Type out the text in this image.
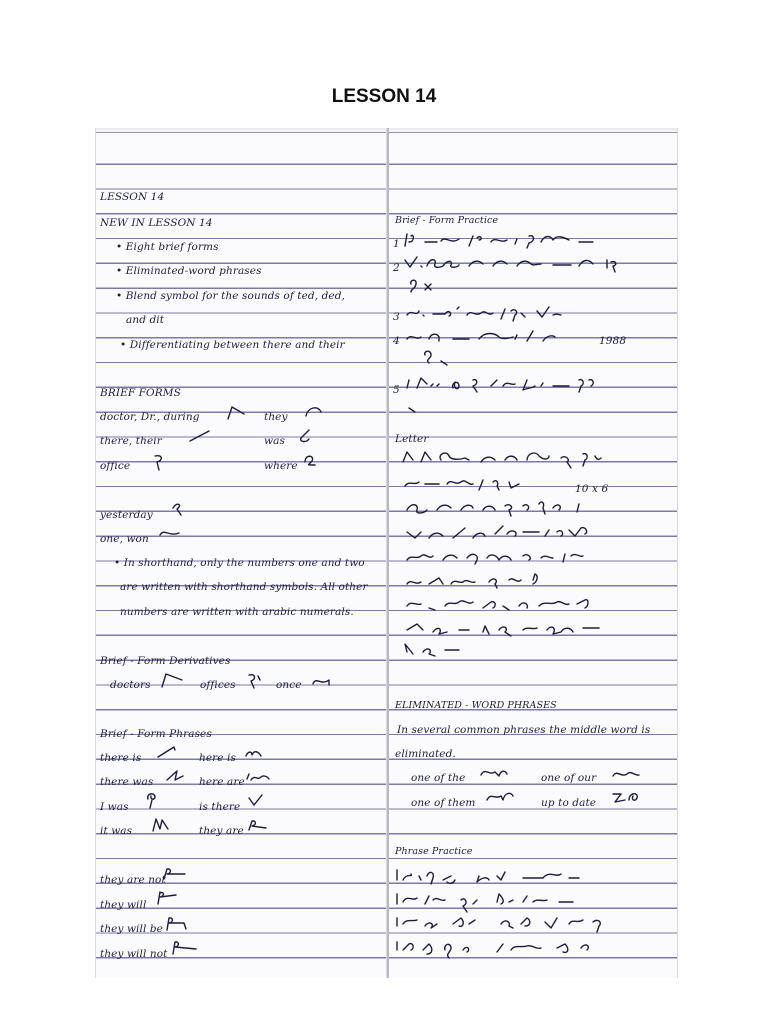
LESSON 14
LESSON 14
NEW IN LESSON 14
• Eight brief forms
• Eliminated-word phrases
• Blend symbol for the sounds of ted, ded,
and dit
• Differentiating between there and their
BRIEF FORMS
doctor, Dr., during	they
there, their	was
office	where
yesterday
one, won
• In shorthand, only the numbers one and two
are written with shorthand symbols. All other
numbers are written with arabic numerals.
Brief - Form Derivatives
doctors	offices	once
Brief - Form Phrases
there is	here is
there was	here are
I was	is there
it was	they are
they are not
they will
they will be
they will not
Brief - Form Practice
1
2
3
4	1988
5
Letter
10 x 6
ELIMINATED - WORD PHRASES
In several common phrases the middle word is
eliminated.
one of the	one of our
one of them	up to date
Phrase Practice
